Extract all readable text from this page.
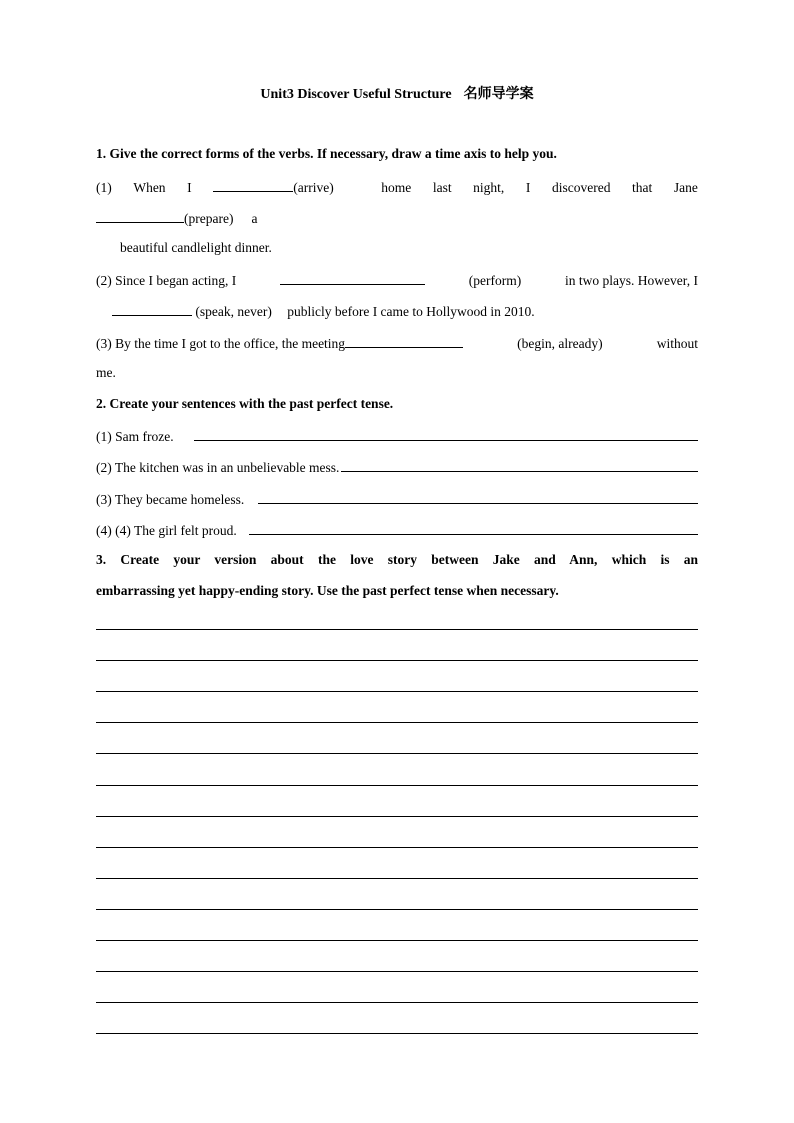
Unit3 Discover Useful Structure 名师导学案
1. Give the correct forms of the verbs. If necessary, draw a time axis to help you.
(1) When I	(arrive)	home last night, I discovered that Jane
(prepare) a
beautiful candlelight dinner.
(2) Since I began acting, I	(perform)	in two plays. However, I
(speak, never) publicly before I came to Hollywood in 2010.
(3) By the time I got to the office, the meeting	(begin, already)	without
me.
2. Create your sentences with the past perfect tense.
(1) Sam froze.
(2) The kitchen was in an unbelievable mess.
(3) They became homeless.
(4) (4) The girl felt proud.
3. Create your version about the love story between Jake and Ann, which is an
embarrassing yet happy-ending story. Use the past perfect tense when necessary.
